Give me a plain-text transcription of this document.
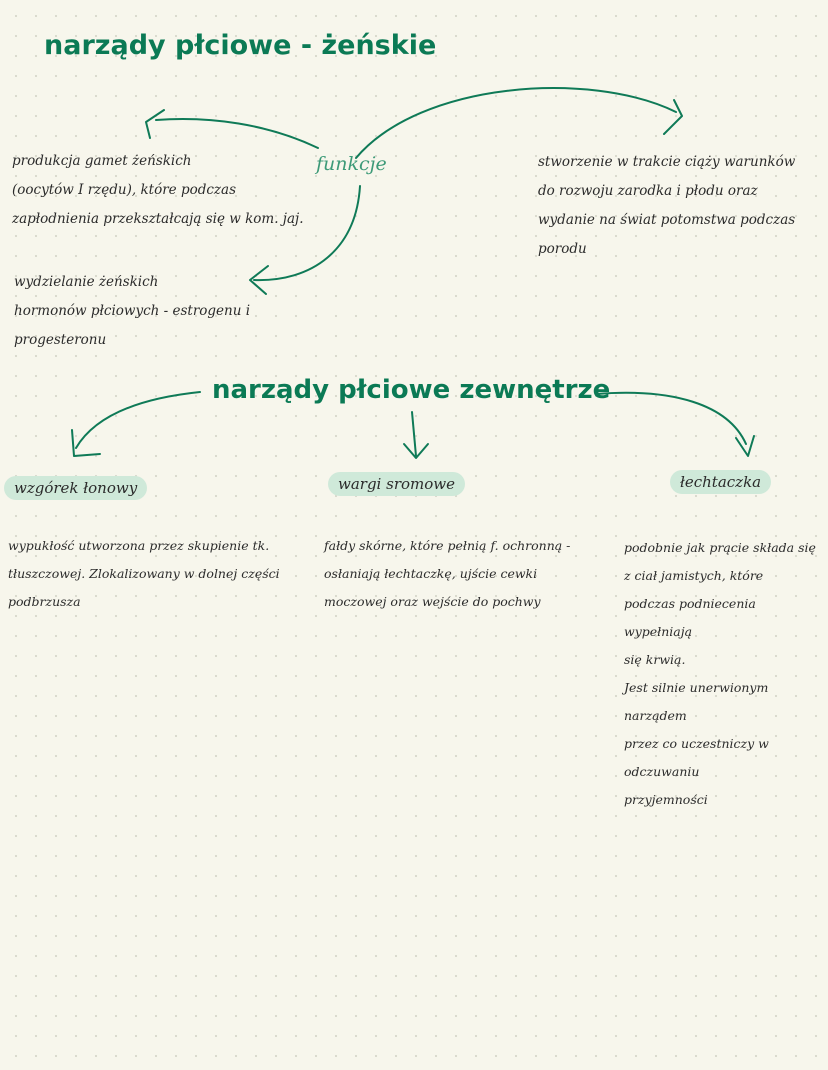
narządy płciowe - żeńskie
funkcje
produkcja gamet żeńskich
(oocytów I rzędu), które podczas
zapłodnienia przekształcają się w kom. jaj.
wydzielanie żeńskich
hormonów płciowych - estrogenu i
progesteronu
stworzenie w trakcie ciąży warunków
do rozwoju zarodka i płodu oraz
wydanie na świat potomstwa podczas
porodu
narządy płciowe zewnętrze
wzgórek łonowy	wargi sromowe	łechtaczka
wypukłość utworzona przez skupienie tk.
tłuszczowej. Zlokalizowany w dolnej części
podbrzusza
fałdy skórne, które pełnią f. ochronną -
osłaniają łechtaczkę, ujście cewki
moczowej oraz wejście do pochwy
podobnie jak prącie składa się
z ciał jamistych, które
podczas podniecenia wypełniają
się krwią.
Jest silnie unerwionym narządem
przez co uczestniczy w odczuwaniu
przyjemności
